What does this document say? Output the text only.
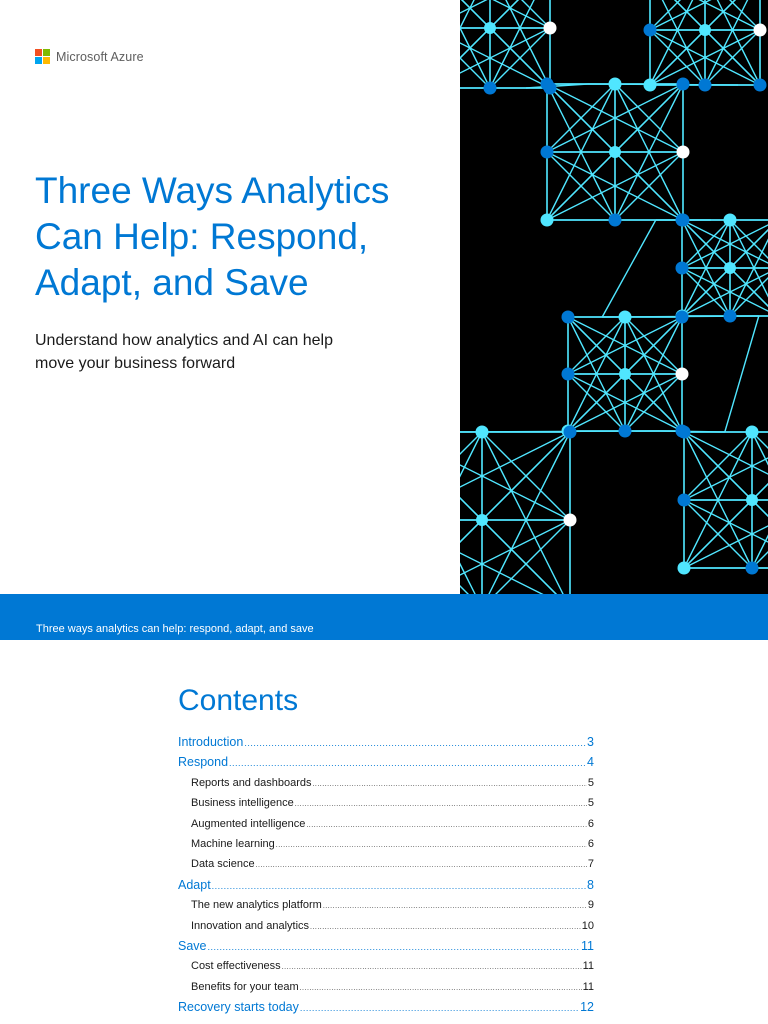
Microsoft Azure
Three Ways Analytics Can Help: Respond, Adapt, and Save

Understand how analytics and AI can help move your business forward

Three ways analytics can help: respond, adapt, and save
Contents
Introduction .....	3
Respond .....	4
Reports and dashboards .....	5
Business intelligence .....	5
Augmented intelligence .....	6
Machine learning .....	6
Data science .....	7
Adapt .....	8
The new analytics platform .....	9
Innovation and analytics .....	10
Save .....	11
Cost effectiveness .....	11
Benefits for your team .....	11
Recovery starts today .....	12
